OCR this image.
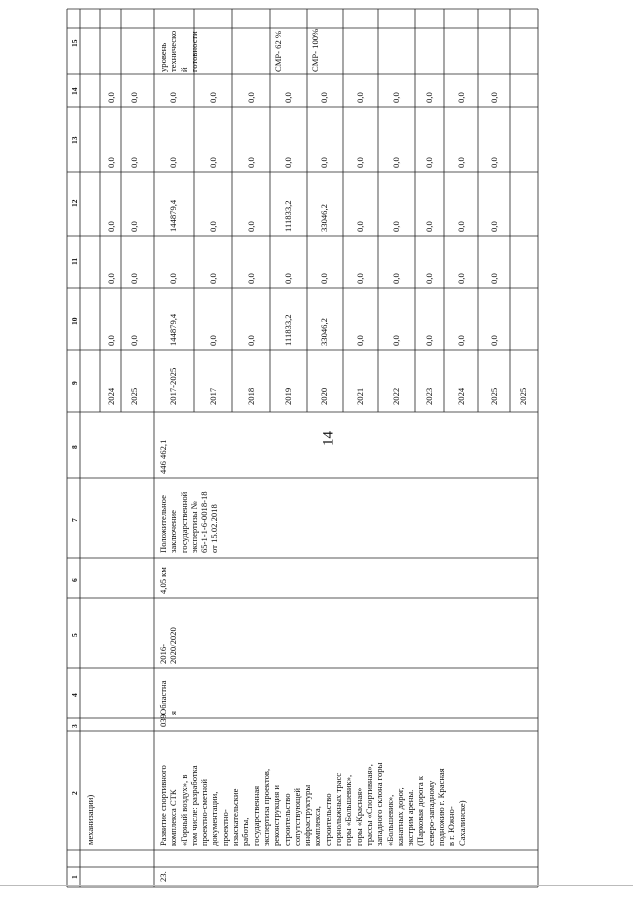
14
1
2
3
4
5
6
7
8
9
10
11
12
13
14
15
механизации)
2024
0,0
0,0
0,0
0,0
0,0
2025
0,0
0,0
0,0
0,0
0,0
23.
Развитие спортивного
комплекса СТК
«Горный воздух», в
том числе: разработка
проектно-сметной
документации,
проектно-
изыскательские
работы,
государственная
экспертиза проектов,
реконструкция и
строительство
сопутствующей
инфраструктуры
комплекса,
строительство
горнолыжных трасс
горы «Большевик»,
горы «Красная»
трассы «Спортивная»,
западного склона горы
«Большевик»,
канатных дорог,
экстрим арены.
(Парковая дорога к
северо-западному
подножию г. Красная
в г. Южно-
Сахалинске)
039
Областна
я
2016-
2020/2020
4,05 км
Положительное
заключение
государственной
экспертизы №
65-1-1-6-0018-18
от 15.02.2018
446 462,1
2017-2025
144879,4
0,0
144879,4
0,0
0,0
уровень
техническо
й
готовности
2017
0,0
0,0
0,0
0,0
0,0
2018
0,0
0,0
0,0
0,0
0,0
2019
111833,2
0,0
111833,2
0,0
0,0
СМР- 62 %
2020
33046,2
0,0
33046,2
0,0
0,0
СМР- 100%
2021
0,0
0,0
0,0
0,0
0,0
2022
0,0
0,0
0,0
0,0
0,0
2023
0,0
0,0
0,0
0,0
0,0
2024
0,0
0,0
0,0
0,0
0,0
2025
0,0
0,0
0,0
0,0
0,0
2025
